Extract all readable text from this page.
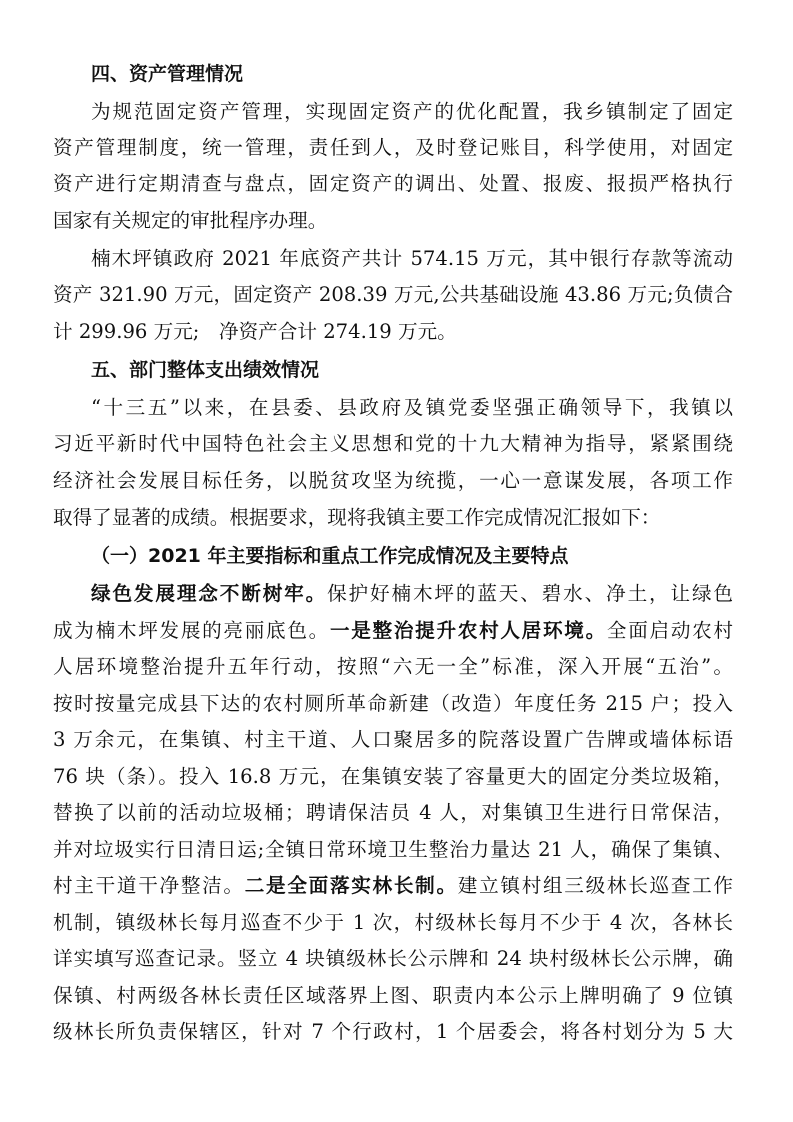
四、资产管理情况
为规范固定资产管理，实现固定资产的优化配置，我乡镇制定了固定
资产管理制度，统一管理，责任到人，及时登记账目，科学使用，对固定
资产进行定期清查与盘点，固定资产的调出、处置、报废、报损严格执行
国家有关规定的审批程序办理。
楠木坪镇政府 2021 年底资产共计 574.15 万元，其中银行存款等流动
资产 321.90 万元，固定资产 208.39 万元,公共基础设施 43.86 万元;负债合
计 299.96 万元;　净资产合计 274.19 万元。
五、部门整体支出绩效情况
“十三五”以来，在县委、县政府及镇党委坚强正确领导下，我镇以
习近平新时代中国特色社会主义思想和党的十九大精神为指导，紧紧围绕
经济社会发展目标任务，以脱贫攻坚为统揽，一心一意谋发展，各项工作
取得了显著的成绩。根据要求，现将我镇主要工作完成情况汇报如下：
（一）2021 年主要指标和重点工作完成情况及主要特点
绿色发展理念不断树牢。保护好楠木坪的蓝天、碧水、净土，让绿色
成为楠木坪发展的亮丽底色。一是整治提升农村人居环境。全面启动农村
人居环境整治提升五年行动，按照“六无一全”标准，深入开展“五治”。
按时按量完成县下达的农村厕所革命新建（改造）年度任务 215 户；投入
3 万余元，在集镇、村主干道、人口聚居多的院落设置广告牌或墙体标语
76 块（条）。投入 16.8 万元，在集镇安装了容量更大的固定分类垃圾箱，
替换了以前的活动垃圾桶；聘请保洁员 4 人，对集镇卫生进行日常保洁，
并对垃圾实行日清日运;全镇日常环境卫生整治力量达 21 人，确保了集镇、
村主干道干净整洁。二是全面落实林长制。建立镇村组三级林长巡查工作
机制，镇级林长每月巡查不少于 1 次，村级林长每月不少于 4 次，各林长
详实填写巡查记录。竖立 4 块镇级林长公示牌和 24 块村级林长公示牌，确
保镇、村两级各林长责任区域落界上图、职责内本公示上牌明确了 9 位镇
级林长所负责保辖区，针对 7 个行政村，1 个居委会，将各村划分为 5 大
